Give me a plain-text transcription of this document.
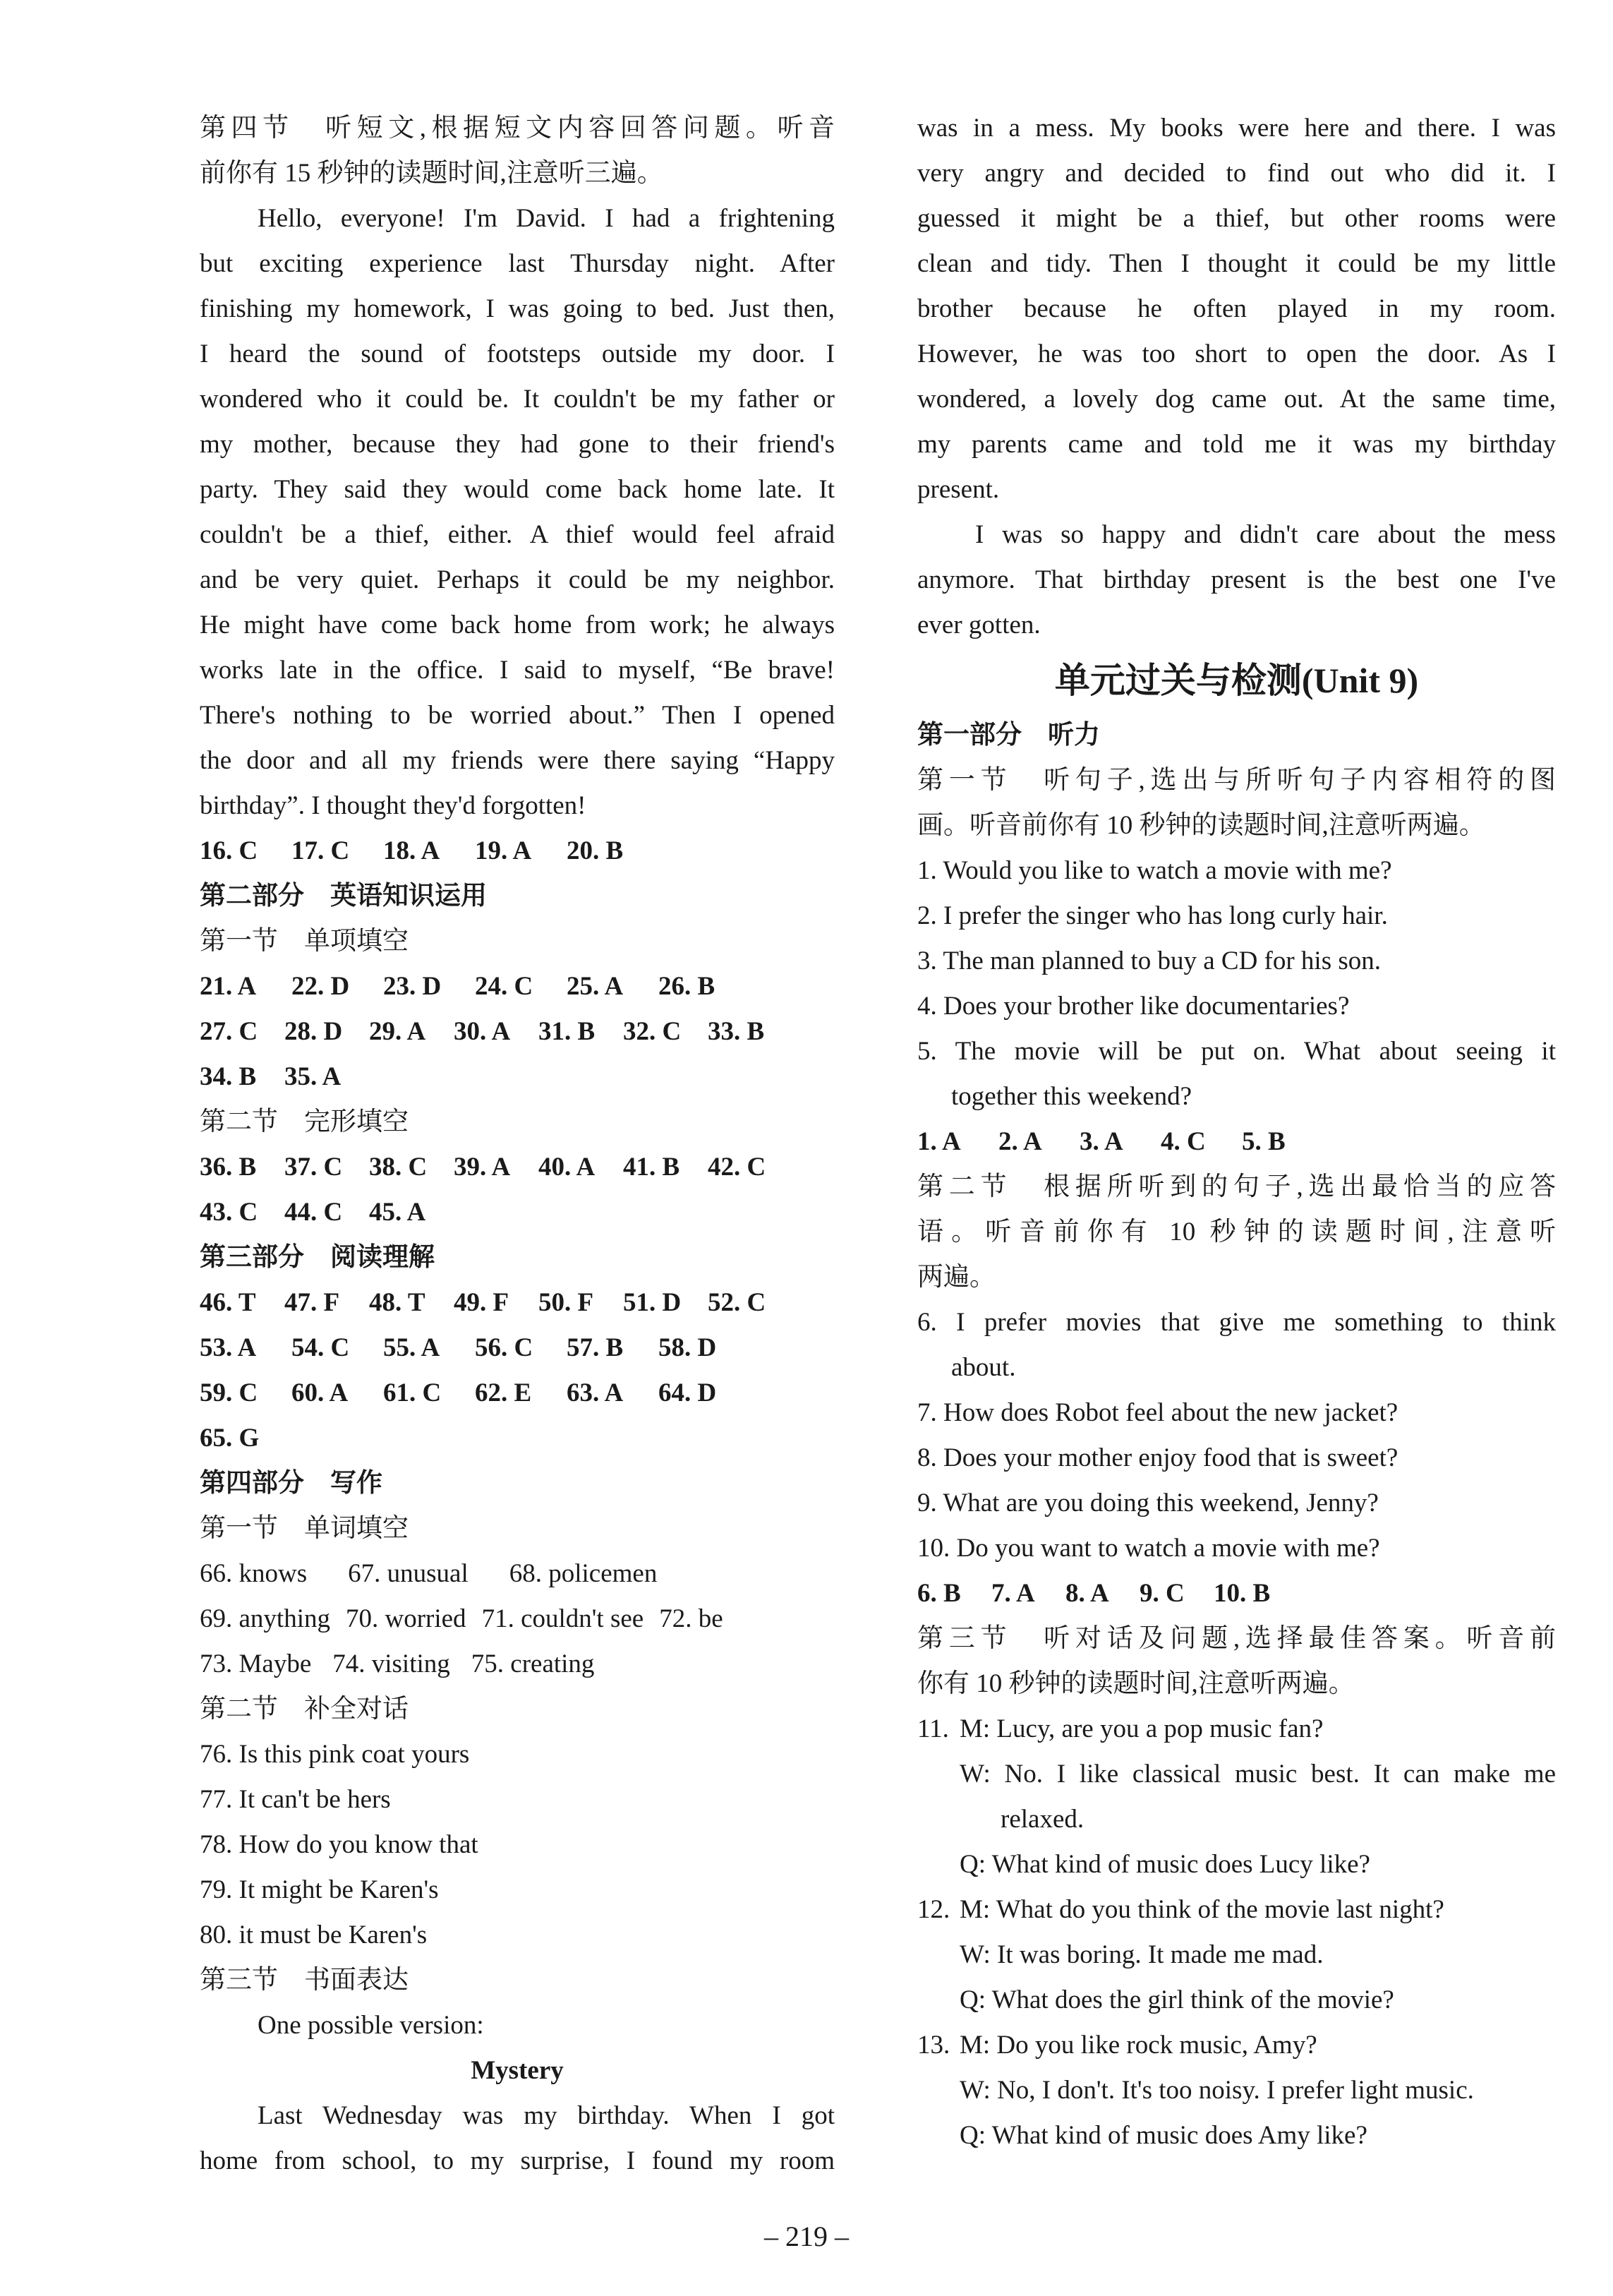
第四节　听短文,根据短文内容回答问题。听音
前你有 15 秒钟的读题时间,注意听三遍。
Hello, everyone! I'm David. I had a frightening
but exciting experience last Thursday night. After
finishing my homework, I was going to bed. Just then,
I heard the sound of footsteps outside my door. I
wondered who it could be. It couldn't be my father or
my mother, because they had gone to their friend's
party. They said they would come back home late. It
couldn't be a thief, either. A thief would feel afraid
and be very quiet. Perhaps it could be my neighbor.
He might have come back home from work; he always
works late in the office. I said to myself, “Be brave!
There's nothing to be worried about.” Then I opened
the door and all my friends were there saying “Happy
birthday”. I thought they'd forgotten!
16. C	17. C	18. A	19. A	20. B
第二部分　英语知识运用
第一节　单项填空
21. A	22. D	23. D	24. C	25. A	26. B
27. C	28. D	29. A	30. A	31. B	32. C	33. B
34. B	35. A
第二节　完形填空
36. B	37. C	38. C	39. A	40. A	41. B	42. C
43. C	44. C	45. A
第三部分　阅读理解
46. T	47. F	48. T	49. F	50. F	51. D	52. C
53. A	54. C	55. A	56. C	57. B	58. D
59. C	60. A	61. C	62. E	63. A	64. D
65. G
第四部分　写作
第一节　单词填空
66. knows 67. unusual 68. policemen
69. anything 70. worried 71. couldn't see 72. be
73. Maybe 74. visiting 75. creating
第二节　补全对话
76. Is this pink coat yours
77. It can't be hers
78. How do you know that
79. It might be Karen's
80. it must be Karen's
第三节　书面表达
One possible version:
Mystery
Last Wednesday was my birthday. When I got
home from school, to my surprise, I found my room
was in a mess. My books were here and there. I was
very angry and decided to find out who did it. I
guessed it might be a thief, but other rooms were
clean and tidy. Then I thought it could be my little
brother because he often played in my room.
However, he was too short to open the door. As I
wondered, a lovely dog came out. At the same time,
my parents came and told me it was my birthday
present.
I was so happy and didn't care about the mess
anymore. That birthday present is the best one I've
ever gotten.
单元过关与检测(Unit 9)
第一部分　听力
第一节　听句子,选出与所听句子内容相符的图
画。听音前你有 10 秒钟的读题时间,注意听两遍。
1. Would you like to watch a movie with me?
2. I prefer the singer who has long curly hair.
3. The man planned to buy a CD for his son.
4. Does your brother like documentaries?
5. The movie will be put on. What about seeing it
together this weekend?
1. A	2. A	3. A	4. C	5. B
第二节　根据所听到的句子,选出最恰当的应答
语。听音前你有 10 秒钟的读题时间,注意听
两遍。
6. I prefer movies that give me something to think
about.
7. How does Robot feel about the new jacket?
8. Does your mother enjoy food that is sweet?
9. What are you doing this weekend, Jenny?
10. Do you want to watch a movie with me?
6. B	7. A	8. A	9. C	10. B
第三节　听对话及问题,选择最佳答案。听音前
你有 10 秒钟的读题时间,注意听两遍。
11. M: Lucy, are you a pop music fan?
W: No. I like classical music best. It can make me
relaxed.
Q: What kind of music does Lucy like?
12. M: What do you think of the movie last night?
W: It was boring. It made me mad.
Q: What does the girl think of the movie?
13. M: Do you like rock music, Amy?
W: No, I don't. It's too noisy. I prefer light music.
Q: What kind of music does Amy like?
– 219 –
